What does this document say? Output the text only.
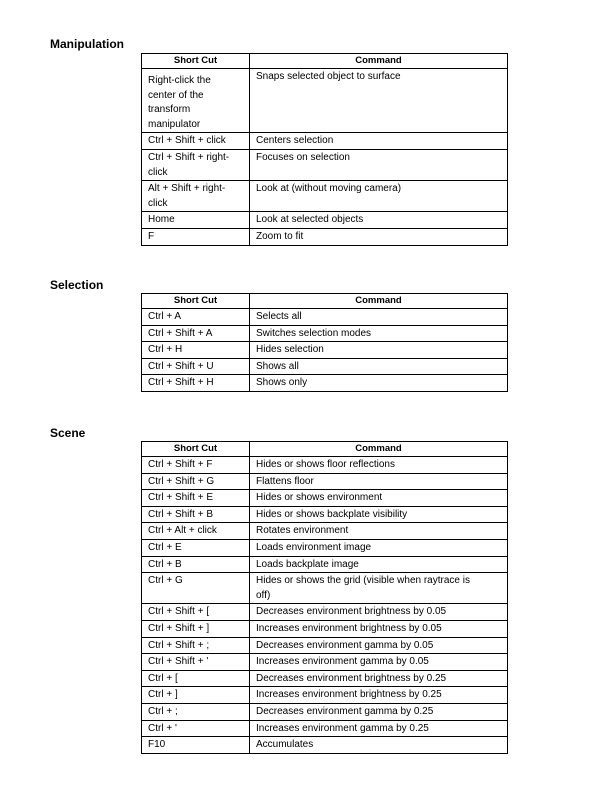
Manipulation
Short Cut	Command
Right-click the
center of the
transform
manipulator	Snaps selected object to surface
Ctrl + Shift + click	Centers selection
Ctrl + Shift + right-
click	Focuses on selection
Alt + Shift + right-
click	Look at (without moving camera)
Home	Look at selected objects
F	Zoom to fit
Selection
Short Cut	Command
Ctrl + A	Selects all
Ctrl + Shift + A	Switches selection modes
Ctrl + H	Hides selection
Ctrl + Shift + U	Shows all
Ctrl + Shift + H	Shows only
Scene
Short Cut	Command
Ctrl + Shift + F	Hides or shows floor reflections
Ctrl + Shift + G	Flattens floor
Ctrl + Shift + E	Hides or shows environment
Ctrl + Shift + B	Hides or shows backplate visibility
Ctrl + Alt + click	Rotates environment
Ctrl + E	Loads environment image
Ctrl + B	Loads backplate image
Ctrl + G	Hides or shows the grid (visible when raytrace is
off)
Ctrl + Shift + [	Decreases environment brightness by 0.05
Ctrl + Shift + ]	Increases environment brightness by 0.05
Ctrl + Shift + ;	Decreases environment gamma by 0.05
Ctrl + Shift + '	Increases environment gamma by 0.05
Ctrl + [	Decreases environment brightness by 0.25
Ctrl + ]	Increases environment brightness by 0.25
Ctrl + ;	Decreases environment gamma by 0.25
Ctrl + '	Increases environment gamma by 0.25
F10	Accumulates
